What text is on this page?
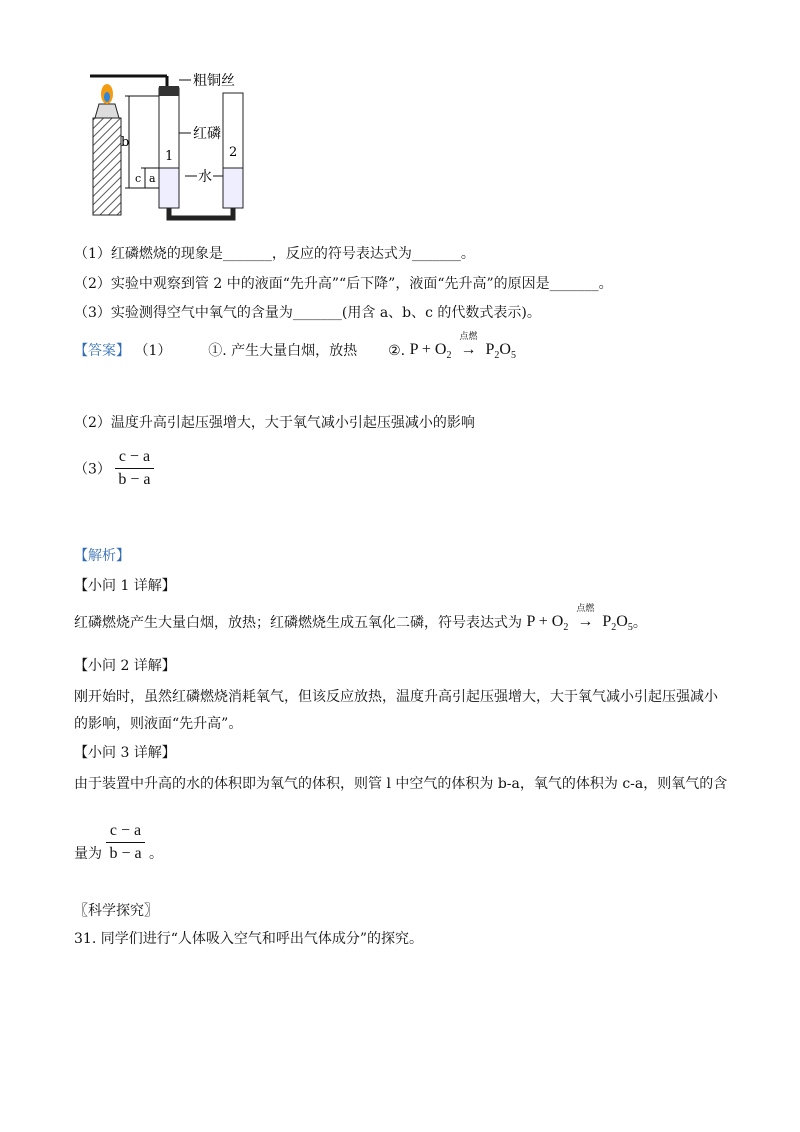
粗铜丝
红磷
1	2
水
b
c a
（1）红磷燃烧的现象是_______，反应的符号表达式为_______。
（2）实验中观察到管 2 中的液面“先升高”“后下降”，液面“先升高”的原因是_______。
（3）实验测得空气中氧气的含量为_______(用含 a、b、c 的代数式表示)。
【答案】 （1）	①. 产生大量白烟，放热 ②. $P + O_2$
点燃
→ $P_2O_5$
（2）温度升高引起压强增大，大于氧气减小引起压强减小的影响
$(3) \frac{c - a}{b - a}$
【解析】
【小问 1 详解】
红磷燃烧产生大量白烟，放热；红磷燃烧生成五氧化二磷，符号表达式为 $P + O_2$
点燃
→ $P_2O_5$。
【小问 2 详解】
刚开始时，虽然红磷燃烧消耗氧气，但该反应放热，温度升高引起压强增大，大于氧气减小引起压强减小
的影响，则液面“先升高”。
【小问 3 详解】
由于装置中升高的水的体积即为氧气的体积，则管 l 中空气的体积为 b-a，氧气的体积为 c-a，则氧气的含
量为 $\frac{c - a}{b - a}$ 。
〖科学探究〗
31. 同学们进行“人体吸入空气和呼出气体成分”的探究。
